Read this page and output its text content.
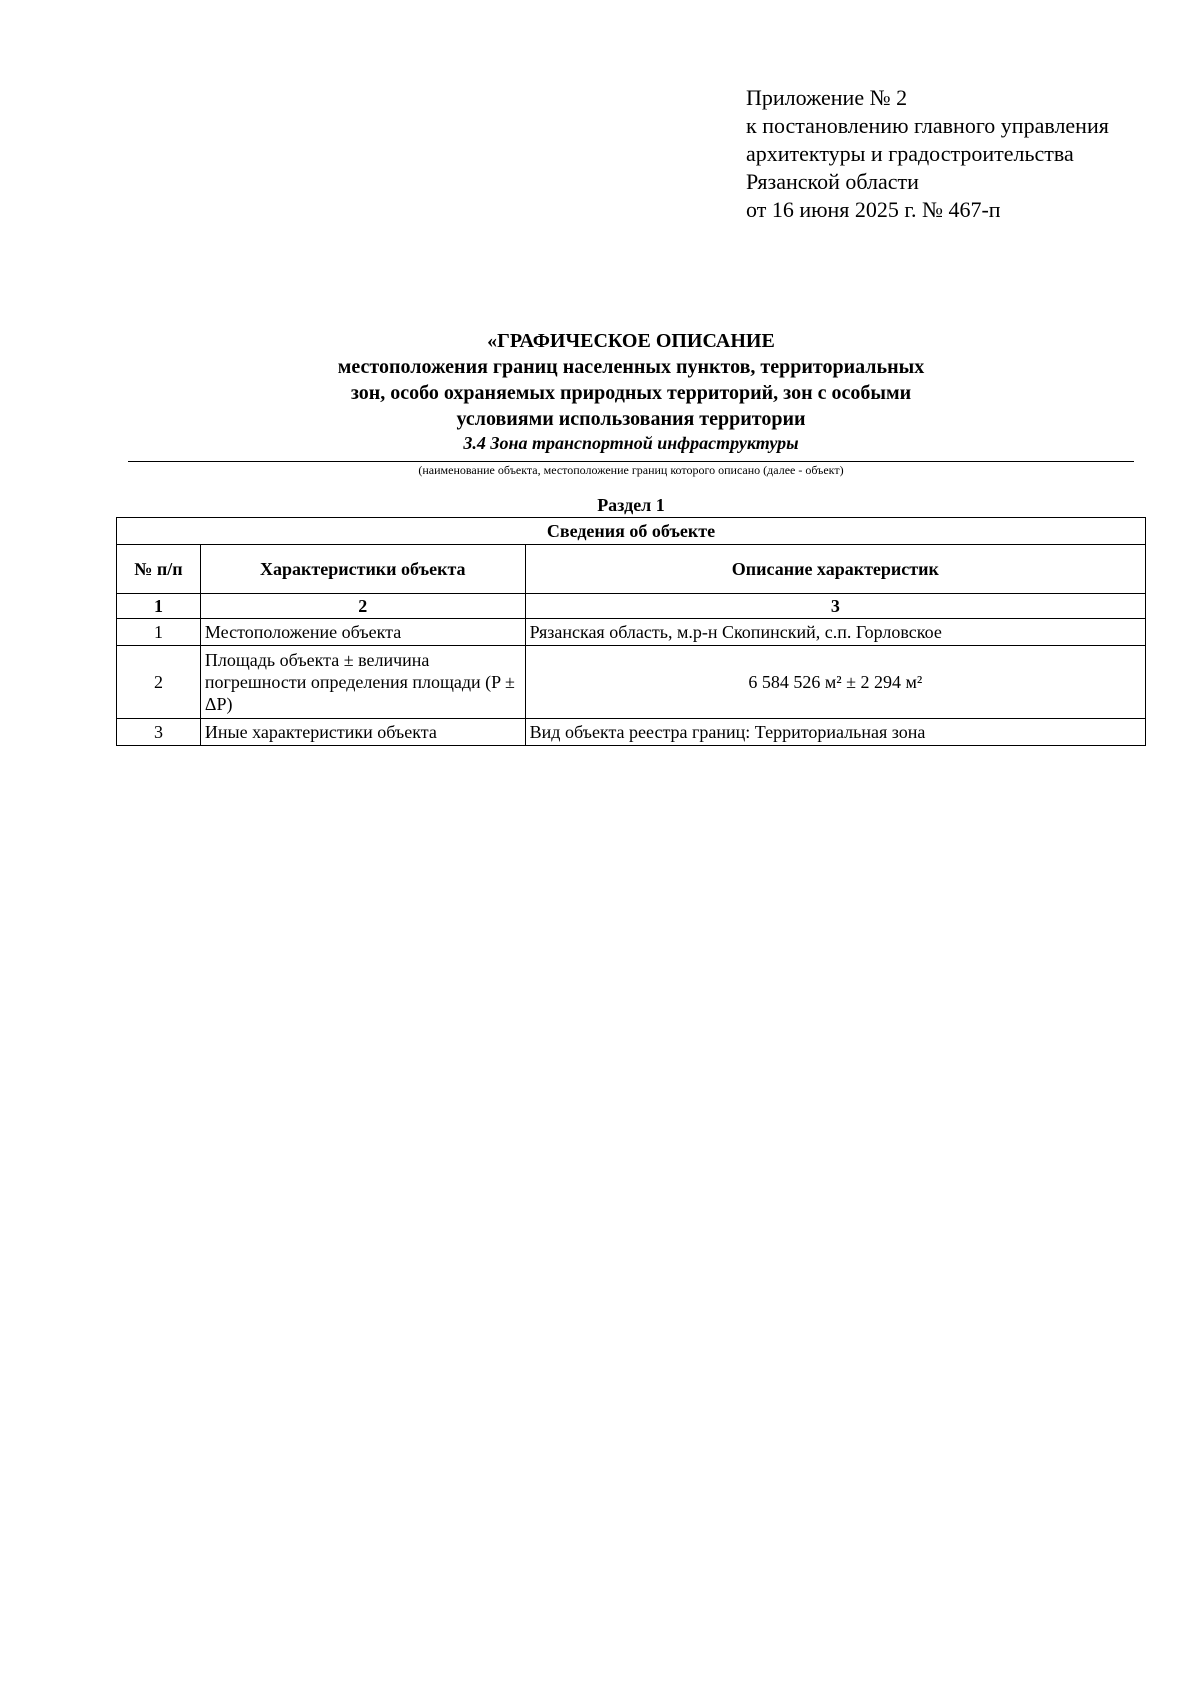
Приложение № 2
к постановлению главного управления
архитектуры и градостроительства
Рязанской области
от 16 июня 2025 г. № 467-п
«ГРАФИЧЕСКОЕ ОПИСАНИЕ
местоположения границ населенных пунктов, территориальных
зон, особо охраняемых природных территорий, зон с особыми
условиями использования территории
3.4 Зона транспортной инфраструктуры
(наименование объекта, местоположение границ которого описано (далее - объект)
Раздел 1
Сведения об объекте		
№ п/п	Характеристики объекта	Описание характеристик
1	2	3
1	Местоположение объекта	Рязанская область, м.р-н Скопинский, с.п. Горловское
2	Площадь объекта ± величина погрешности определения площади (P ± ΔP)	6 584 526 м² ± 2 294 м²
3	Иные характеристики объекта	Вид объекта реестра границ: Территориальная зона
